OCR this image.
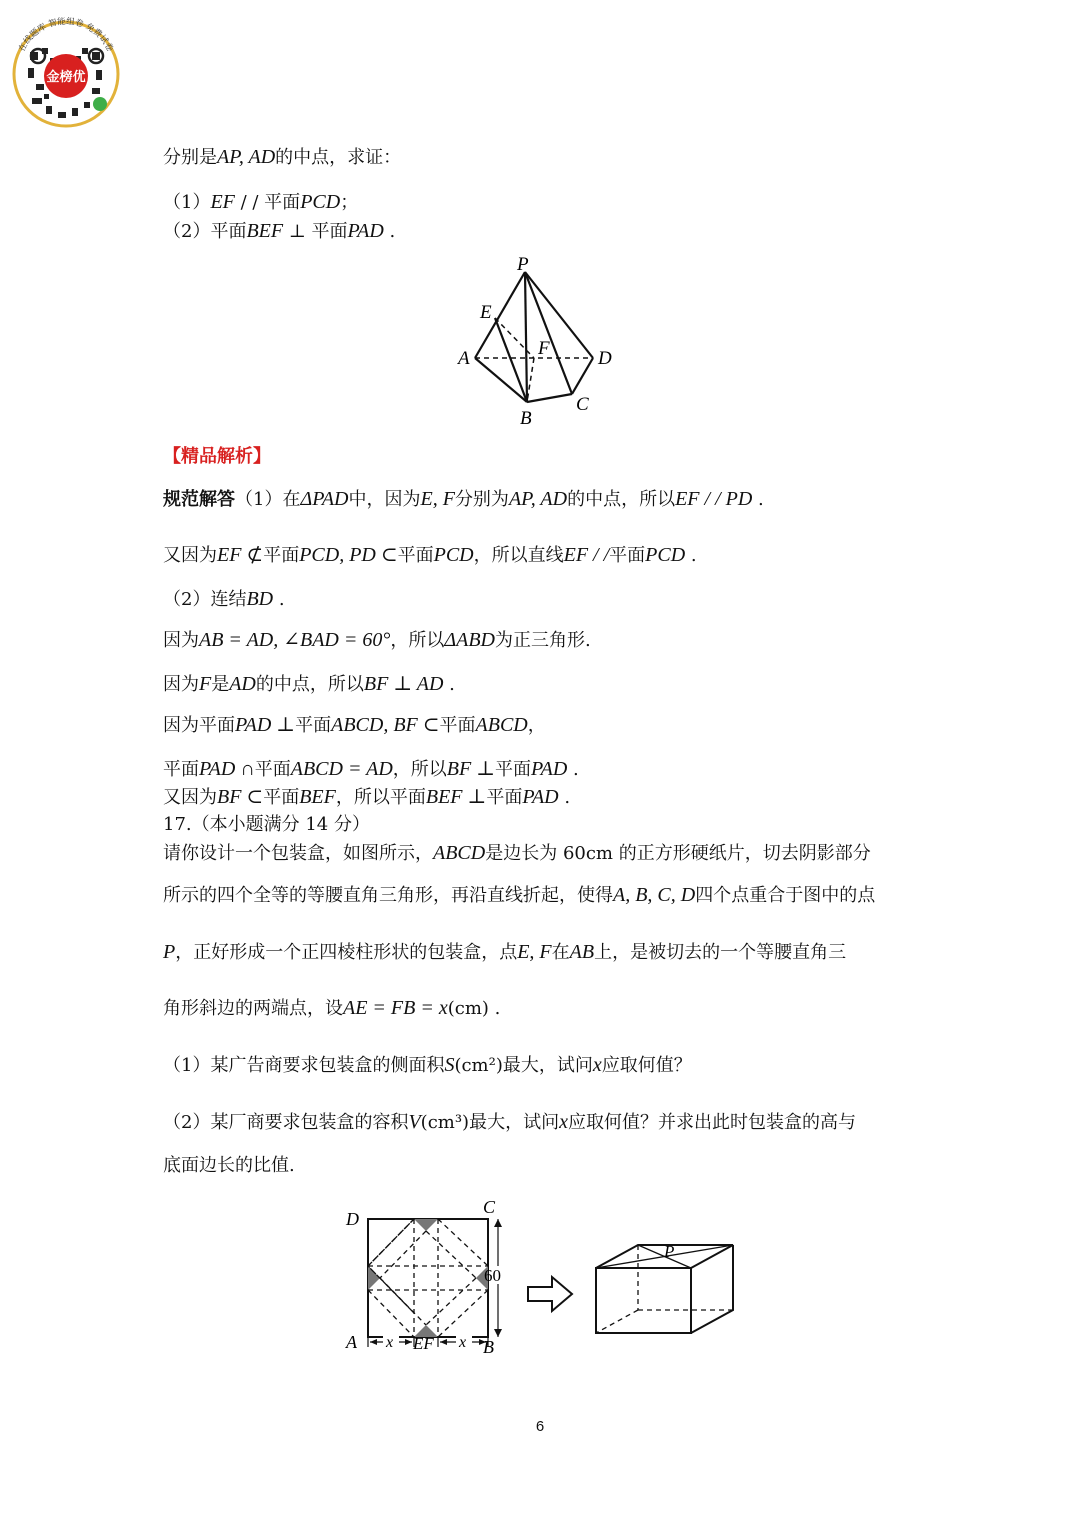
在线题库 智能组卷 免费试卷
金榜优
分别是AP, AD的中点，求证：
（1）EF / / 平面PCD；
（2）平面BEF ⊥ 平面PAD .
P
E
A	F	D
B
C
【精品解析】
规范解答（1）在ΔPAD中，因为E, F分别为AP, AD的中点，所以EF / / PD .
又因为EF ⊄平面PCD, PD ⊂平面PCD，所以直线EF / /平面PCD .
（2）连结BD .
因为AB = AD, ∠BAD = 60°，所以ΔABD为正三角形.
因为F是AD的中点，所以BF ⊥ AD .
因为平面PAD ⊥平面ABCD, BF ⊂平面ABCD，
平面PAD ∩平面ABCD = AD，所以BF ⊥平面PAD .
又因为BF ⊂平面BEF，所以平面BEF ⊥平面PAD .
17.（本小题满分 14 分）
请你设计一个包装盒，如图所示，ABCD是边长为 60cm 的正方形硬纸片，切去阴影部分
所示的四个全等的等腰直角三角形，再沿直线折起，使得A, B, C, D四个点重合于图中的点
P，正好形成一个正四棱柱形状的包装盒，点E, F在AB上，是被切去的一个等腰直角三
角形斜边的两端点，设AE = FB = x(cm) .
（1）某广告商要求包装盒的侧面积S(cm²)最大，试问x应取何值？
（2）某厂商要求包装盒的容积V(cm³)最大，试问x应取何值？并求出此时包装盒的高与
底面边长的比值.
D
C
A	B
60
x EF x
P
6
